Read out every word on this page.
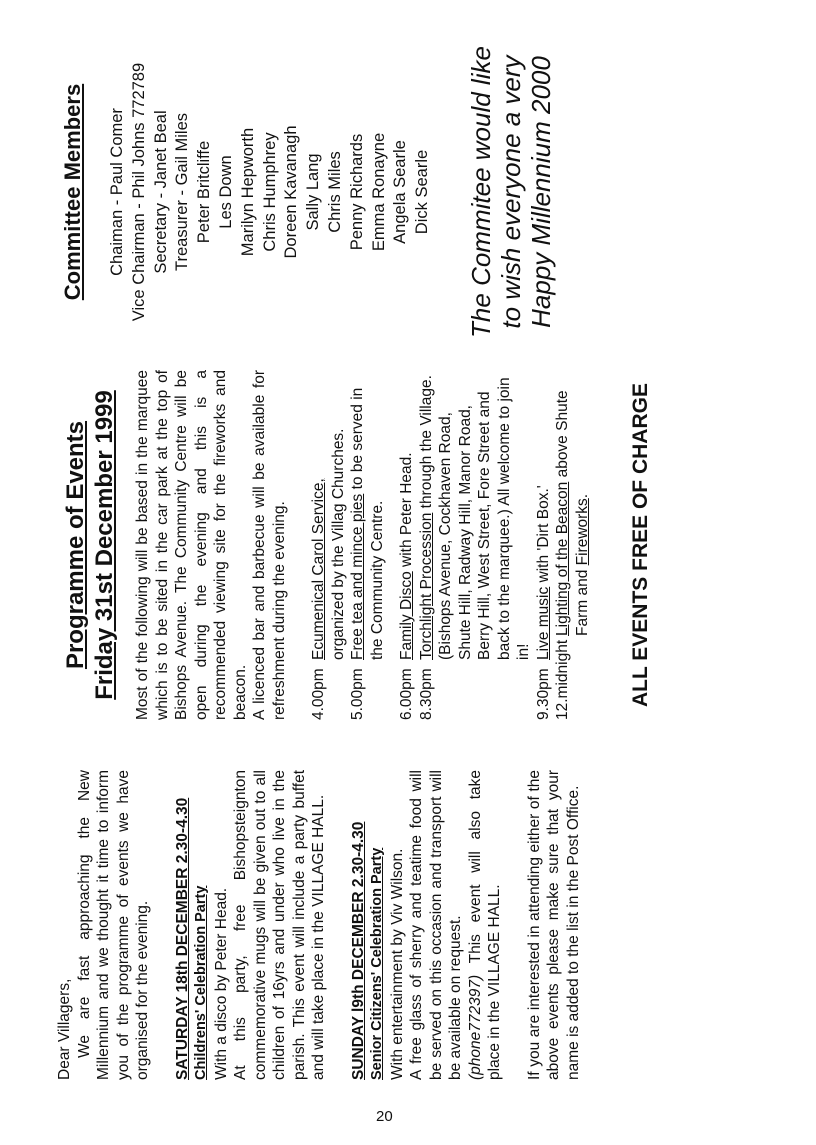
Dear Villagers, We are fast approaching the New Millennium and we thought it time to inform you of the programme of events we have organised for the evening. SATURDAY 18th DECEMBER 2.30-4.30 Childrens' Celebration Party With a disco by Peter Head. At this party, free Bishopsteignton commemorative mugs will be given out to all children of 16yrs and under who live in the parish. This event will include a party buffet and will take place in the VILLAGE HALL. SUNDAY l9th DECEMBER 2.30-4.30 Senior Citizens' Celebration Party With entertainment by Viv Wilson. A free glass of sherry and teatime food will be served on this occasion and transport will be available on request. (phone772397) This event will also take place in the VILLAGE HALL. If you are interested in attending either of the above events please make sure that your name is added to the list in the Post Office.

Programme of Events Friday 31st December 1999 Most of the following will be based in the marquee which is to be sited in the car park at the top of Bishops Avenue. The Community Centre will be open during the evening and this is a recommended viewing site for the fireworks and beacon. A licenced bar and barbecue will be available for refreshment during the evening. 4.00pm
Ecumenical Carol Service, organized by the Villag Churches.
5.00pm
Free tea and mince pies to be served in the Community Centre.
6.00pm
Family Disco with Peter Head.
8.30pm
Torchlight Procession through the Village. (Bishops Avenue, Cockhaven Road, Shute Hill, Radway Hill, Manor Road, Berry Hill, West Street, Fore Street and back to the marquee.) All welcome to join in!
9.30pm
Live music with 'Dirt Box.'
12.midnight
Lighting of the Beacon above Shute Farm and Fireworks. ALL EVENTS FREE OF CHARGE

Committee Members Chaiman - Paul Comer Vice Chairman - Phil Johns 772789 Secretary - Janet Beal Treasurer - Gail Miles Peter Britcliffe Les Down Marilyn Hepworth Chris Humphrey Doreen Kavanagh Sally Lang Chris Miles Penny Richards Emma Ronayne Angela Searle Dick Searle The Commitee would like to wish everyone a very Happy Millennium 2000
20
